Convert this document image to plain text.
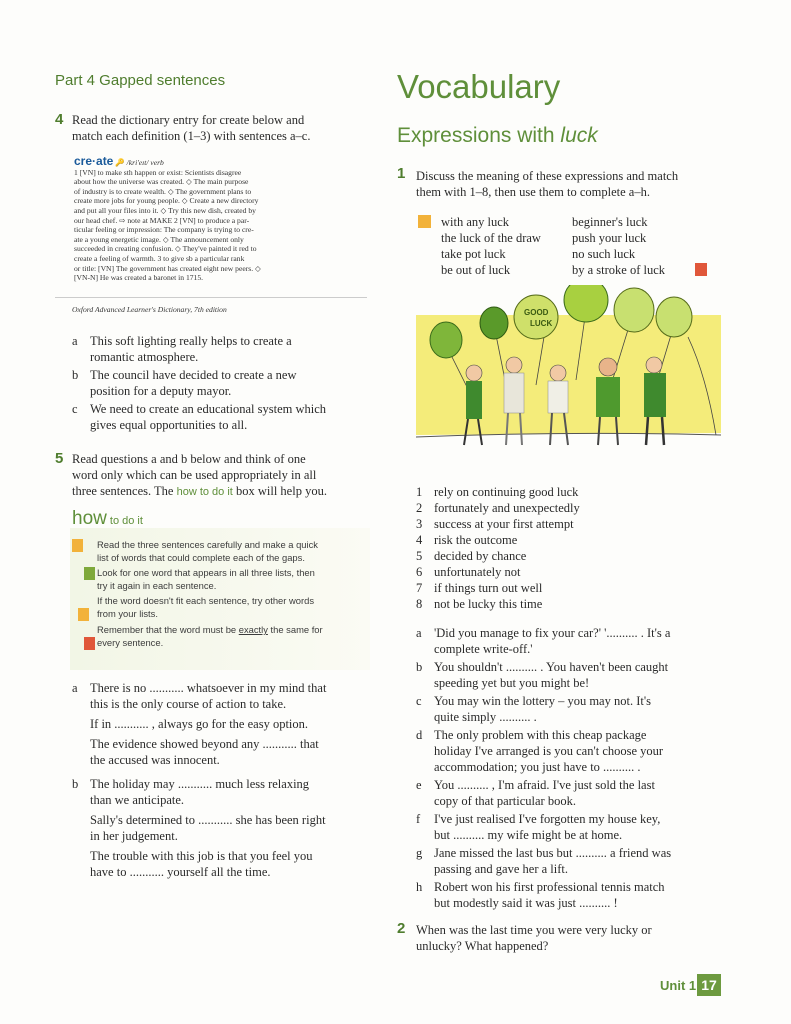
Part 4 Gapped sentences
4 Read the dictionary entry for create below and
match each definition (1–3) with sentences a–c.
cre·ate 🔑 /kri'eɪt/ verb
1 [VN] to make sth happen or exist: Scientists disagree
about how the universe was created. ◇ The main purpose
of industry is to create wealth. ◇ The government plans to
create more jobs for young people. ◇ Create a new directory
and put all your files into it. ◇ Try this new dish, created by
our head chef. ⇨ note at MAKE 2 [VN] to produce a par-
ticular feeling or impression: The company is trying to cre-
ate a young energetic image. ◇ The announcement only
succeeded in creating confusion. ◇ They've painted it red to
create a feeling of warmth. 3 to give sb a particular rank
or title: [VN] The government has created eight new peers. ◇
[VN-N] He was created a baronet in 1715.
Oxford Advanced Learner's Dictionary, 7th edition
a This soft lighting really helps to create a
romantic atmosphere.
b The council have decided to create a new
position for a deputy mayor.
c We need to create an educational system which
gives equal opportunities to all.
5 Read questions a and b below and think of one
word only which can be used appropriately in all
three sentences. The how to do it box will help you.
how to do it
Read the three sentences carefully and make a quick
list of words that could complete each of the gaps.
Look for one word that appears in all three lists, then
try it again in each sentence.
If the word doesn't fit each sentence, try other words
from your lists.
Remember that the word must be exactly the same for
every sentence.
a There is no ........... whatsoever in my mind that
this is the only course of action to take.
If in ........... , always go for the easy option.
The evidence showed beyond any ........... that
the accused was innocent.
b The holiday may ........... much less relaxing
than we anticipate.
Sally's determined to ........... she has been right
in her judgement.
The trouble with this job is that you feel you
have to ........... yourself all the time.
Vocabulary
Expressions with luck
1 Discuss the meaning of these expressions and match
them with 1–8, then use them to complete a–h.
with any luck
the luck of the draw
take pot luck
be out of luck
beginner's luck
push your luck
no such luck
by a stroke of luck
GOOD
LUCK
1 rely on continuing good luck
2 fortunately and unexpectedly
3 success at your first attempt
4 risk the outcome
5 decided by chance
6 unfortunately not
7 if things turn out well
8 not be lucky this time
a 'Did you manage to fix your car?' '.......... . It's a
complete write-off.'
b You shouldn't .......... . You haven't been caught
speeding yet but you might be!
c You may win the lottery – you may not. It's
quite simply .......... .
d The only problem with this cheap package
holiday I've arranged is you can't choose your
accommodation; you just have to .......... .
e You .......... , I'm afraid. I've just sold the last
copy of that particular book.
f	I've just realised I've forgotten my house key,
but .......... my wife might be at home.
g Jane missed the last bus but .......... a friend was
passing and gave her a lift.
h Robert won his first professional tennis match
but modestly said it was just .......... !
2 When was the last time you were very lucky or
unlucky? What happened?
Unit 1 17
